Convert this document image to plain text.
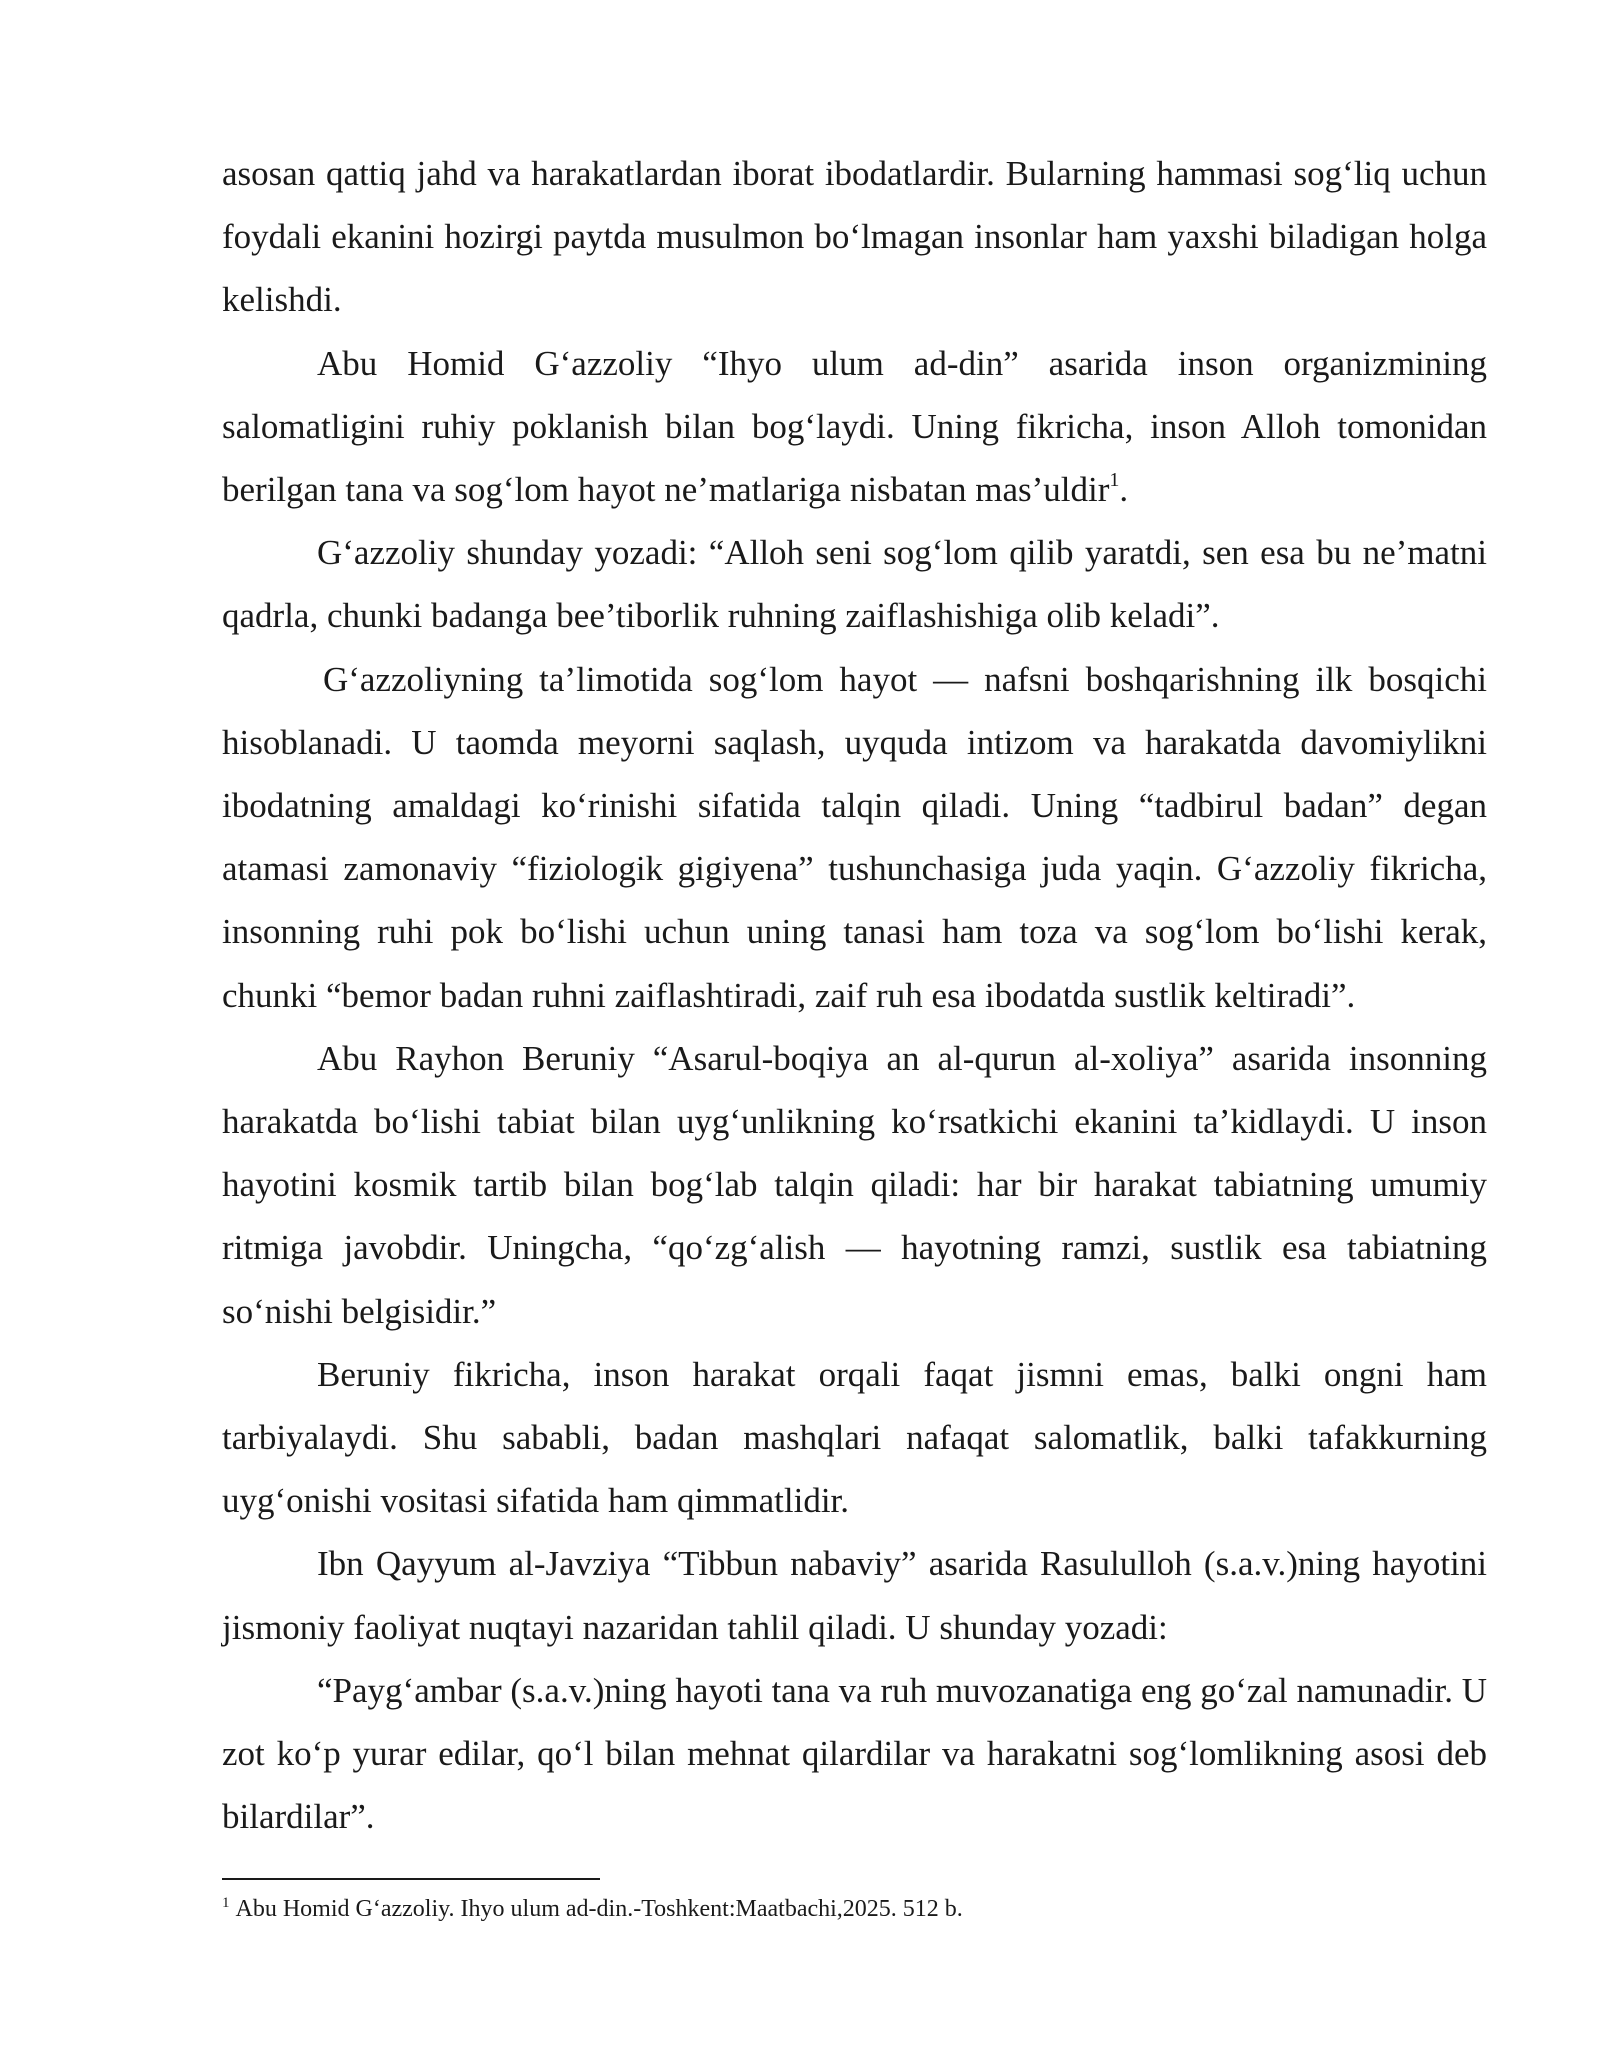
asosan qattiq jahd va harakatlardan iborat ibodatlardir. Bularning hammasi sog‘liq uchun foydali ekanini hozirgi paytda musulmon bo‘lmagan insonlar ham yaxshi biladigan holga kelishdi.

Abu Homid G‘azzoliy “Ihyo ulum ad-din” asarida inson organizmining salomatligini ruhiy poklanish bilan bog‘laydi. Uning fikricha, inson Alloh tomonidan berilgan tana va sog‘lom hayot ne’matlariga nisbatan mas’uldir$^1$.

G‘azzoliy shunday yozadi: “Alloh seni sog‘lom qilib yaratdi, sen esa bu ne’matni qadrla, chunki badanga bee’tiborlik ruhning zaiflashishiga olib keladi”.

G‘azzoliyning ta’limotida sog‘lom hayot — nafsni boshqarishning ilk bosqichi hisoblanadi. U taomda meyorni saqlash, uyquda intizom va harakatda davomiylikni ibodatning amaldagi ko‘rinishi sifatida talqin qiladi. Uning “tadbirul badan” degan atamasi zamonaviy “fiziologik gigiyena” tushunchasiga juda yaqin. G‘azzoliy fikricha, insonning ruhi pok bo‘lishi uchun uning tanasi ham toza va sog‘lom bo‘lishi kerak, chunki “bemor badan ruhni zaiflashtiradi, zaif ruh esa ibodatda sustlik keltiradi”.

Abu Rayhon Beruniy “Asarul-boqiya an al-qurun al-xoliya” asarida insonning harakatda bo‘lishi tabiat bilan uyg‘unlikning ko‘rsatkichi ekanini ta’kidlaydi. U inson hayotini kosmik tartib bilan bog‘lab talqin qiladi: har bir harakat tabiatning umumiy ritmiga javobdir. Uningcha, “qo‘zg‘alish — hayotning ramzi, sustlik esa tabiatning so‘nishi belgisidir.”

Beruniy fikricha, inson harakat orqali faqat jismni emas, balki ongni ham tarbiyalaydi. Shu sababli, badan mashqlari nafaqat salomatlik, balki tafakkurning uyg‘onishi vositasi sifatida ham qimmatlidir.

Ibn Qayyum al-Javziya “Tibbun nabaviy” asarida Rasululloh (s.a.v.)ning hayotini jismoniy faoliyat nuqtayi nazaridan tahlil qiladi. U shunday yozadi:

“Payg‘ambar (s.a.v.)ning hayoti tana va ruh muvozanatiga eng go‘zal namunadir. U zot ko‘p yurar edilar, qo‘l bilan mehnat qilardilar va harakatni sog‘lomlikning asosi deb bilardilar”.

$^1$ Abu Homid G‘azzoliy. Ihyo ulum ad-din.-Toshkent:Maatbachi,2025. 512 b.
